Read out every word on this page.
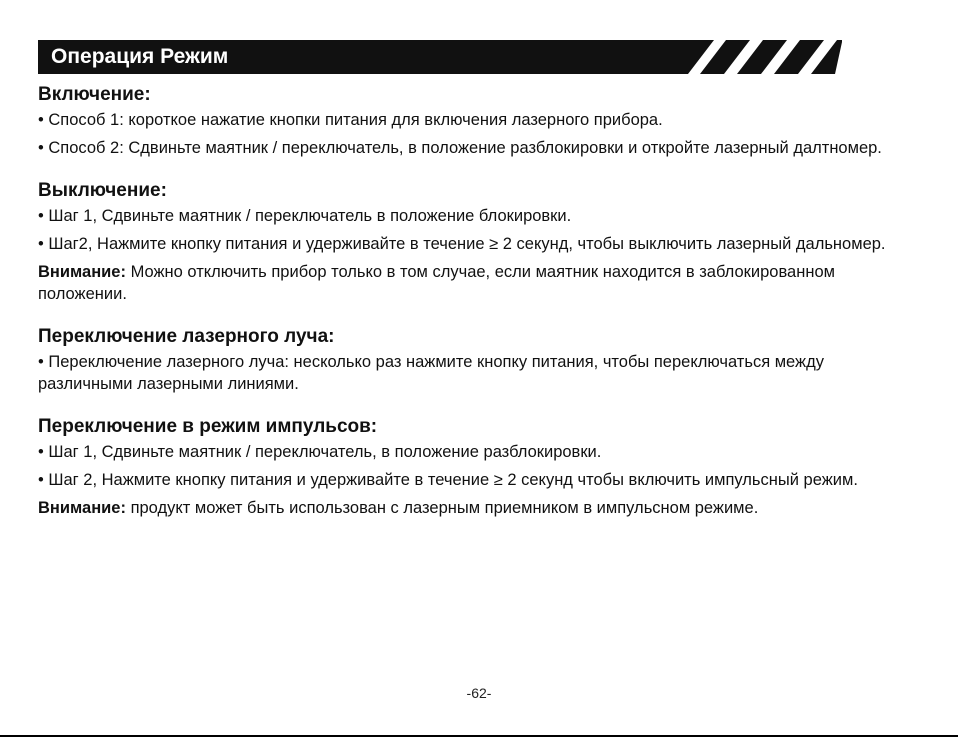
Операция Режим
Включение:
• Способ 1: короткое нажатие кнопки питания для включения лазерного прибора.
• Способ 2: Сдвиньте маятник / переключатель, в положение разблокировки и откройте лазерный далтномер.
Выключение:
• Шаг 1, Сдвиньте маятник / переключатель в положение блокировки.
• Шаг2, Нажмите кнопку питания и удерживайте в течение ≥ 2 секунд, чтобы выключить лазерный дальномер.
Внимание: Можно отключить прибор только в том случае, если маятник находится в заблокированном положении.
Переключение лазерного луча:
• Переключение лазерного луча: несколько раз нажмите кнопку питания, чтобы переключаться между различными лазерными линиями.
Переключение в режим импульсов:
• Шаг 1, Сдвиньте маятник / переключатель, в положение разблокировки.
• Шаг 2, Нажмите кнопку питания и удерживайте в течение ≥ 2 секунд чтобы включить импульсный режим.
Внимание: продукт может быть использован с лазерным приемником в импульсном режиме.
-62-
